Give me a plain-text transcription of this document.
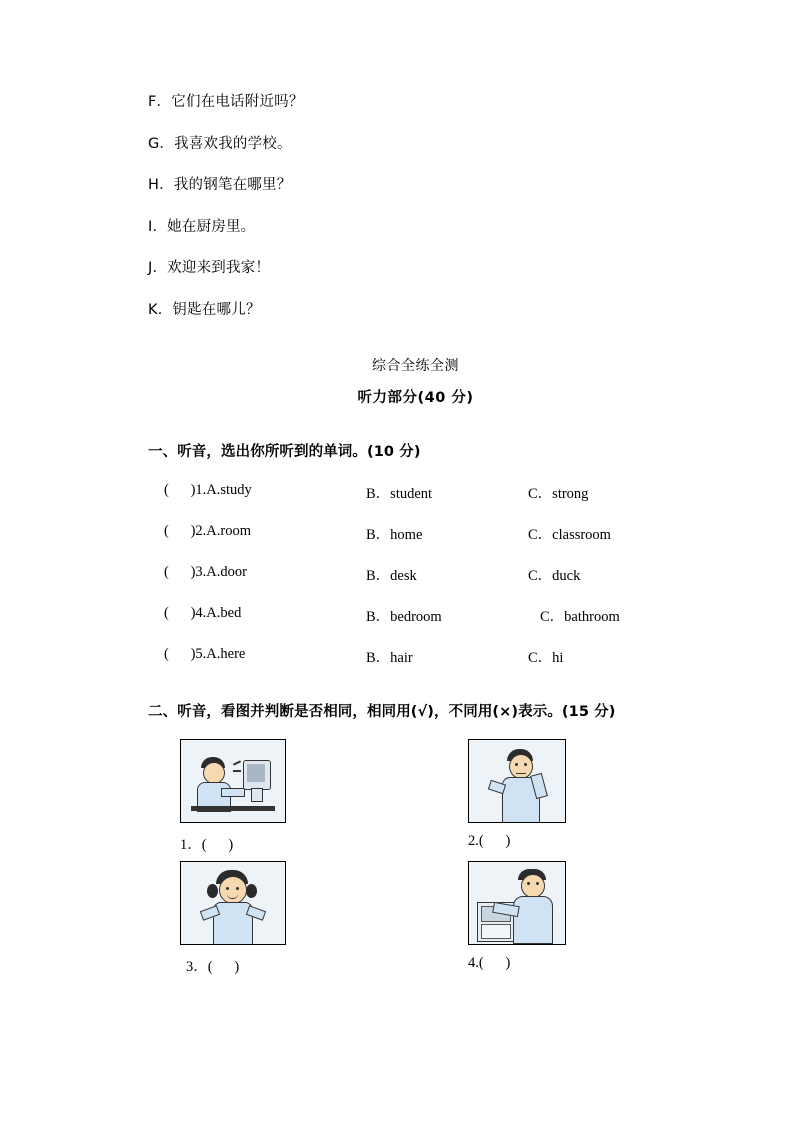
F．它们在电话附近吗？
G．我喜欢我的学校。
H．我的钢笔在哪里？
I．她在厨房里。
J．欢迎来到我家！
K．钥匙在哪儿？
综合全练全测
听力部分(40 分)
一、听音，选出你所听到的单词。(10 分)
(      )1.A.study	B．student	C．strong
(      )2.A.room	B．home	C．classroom
(      )3.A.door	B．desk	C．duck
(      )4.A.bed	B．bedroom	C．bathroom
(      )5.A.here	B．hair	C．hi
二、听音，看图并判断是否相同，相同用(√)，不同用(×)表示。(15 分)
1．(      )	2.(      )
3．(      )	4.(      )
